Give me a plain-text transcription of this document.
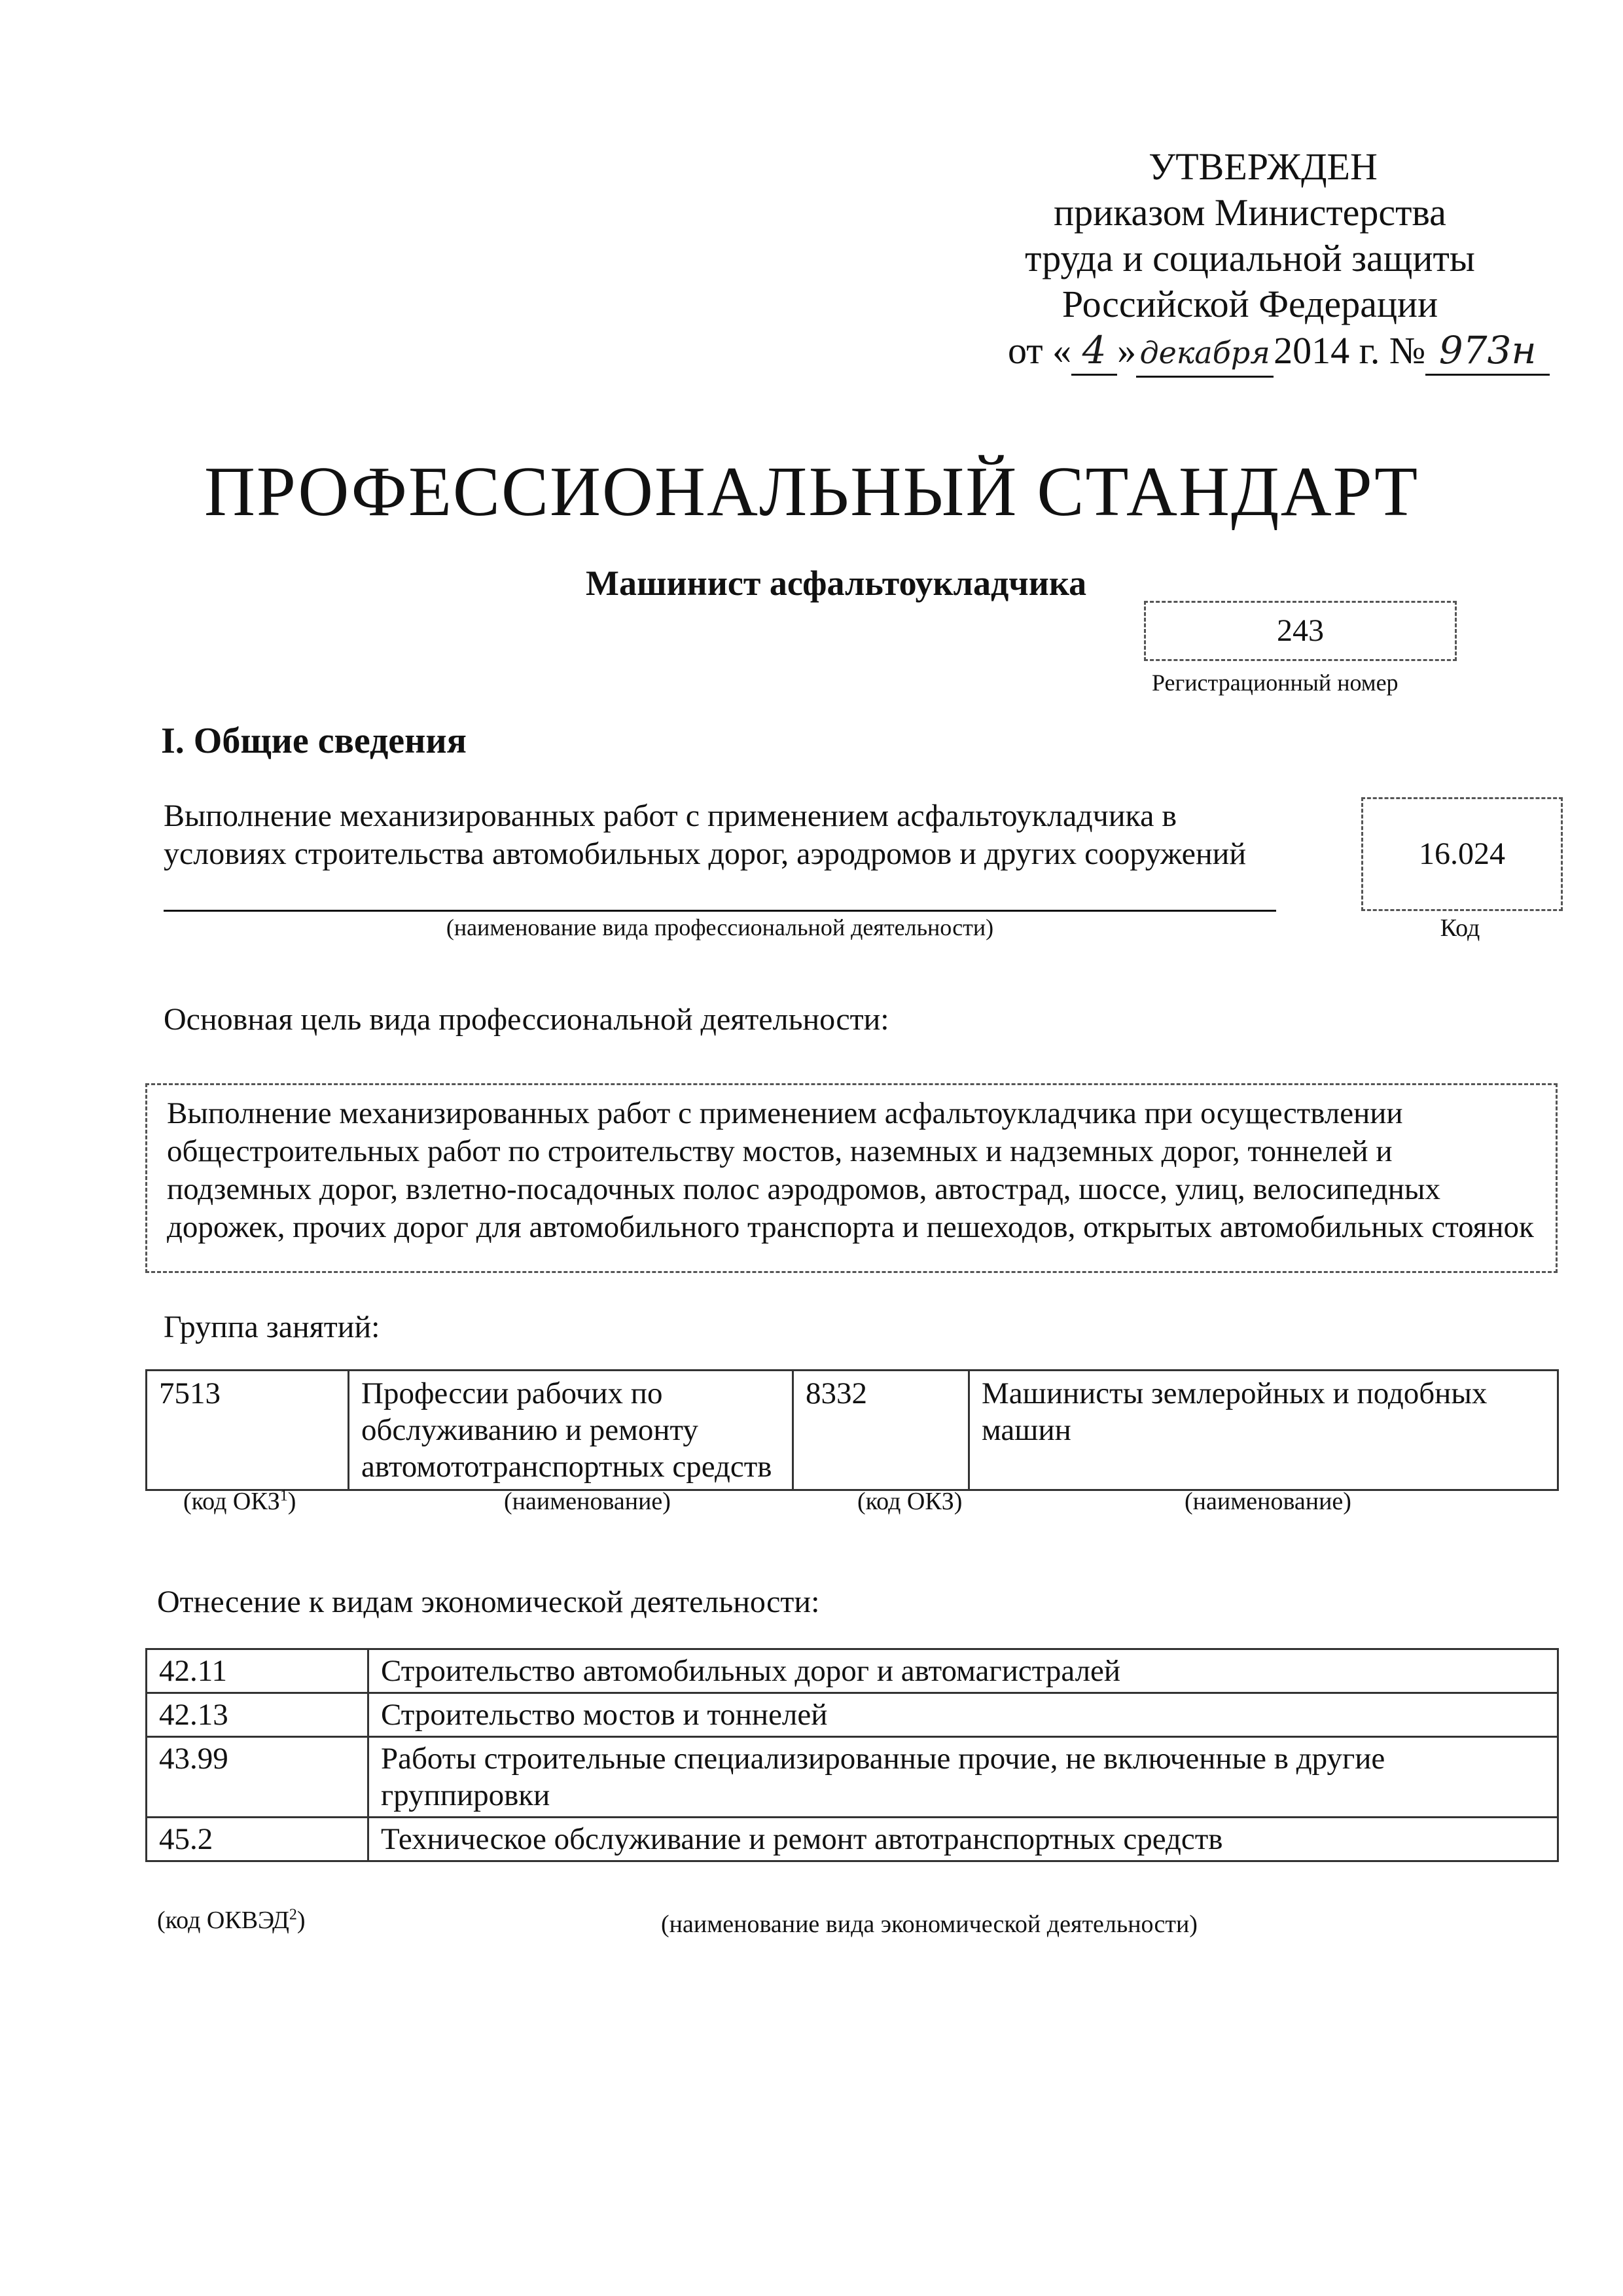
УТВЕРЖДЕН
приказом Министерства
труда и социальной защиты
Российской Федерации
от « 4 » декабря2014 г. № 973н
ПРОФЕССИОНАЛЬНЫЙ СТАНДАРТ
Машинист асфальтоукладчика
243
Регистрационный номер
I. Общие сведения
Выполнение механизированных работ с применением асфальтоукладчика в условиях строительства автомобильных дорог, аэродромов и других сооружений
(наименование вида профессиональной деятельности)
16.024
Код
Основная цель вида профессиональной деятельности:
Выполнение механизированных работ с применением асфальтоукладчика при осуществлении общестроительных работ по строительству мостов, наземных и надземных дорог, тоннелей и подземных дорог, взлетно-посадочных полос аэродромов, автострад, шоссе, улиц, велосипедных дорожек, прочих дорог для автомобильного транспорта и пешеходов, открытых автомобильных стоянок
Группа занятий:
7513	Профессии рабочих по обслуживанию и ремонту автомототранспортных средств	8332	Машинисты землеройных и подобных машин
(код ОКЗ$^1$)	(наименование)	(код ОКЗ)	(наименование)
Отнесение к видам экономической деятельности:
42.11	Строительство автомобильных дорог и автомагистралей
42.13	Строительство мостов и тоннелей
43.99	Работы строительные специализированные прочие, не включенные в другие группировки
45.2	Техническое обслуживание и ремонт автотранспортных средств
(код ОКВЭД$^2$)	(наименование вида экономической деятельности)
